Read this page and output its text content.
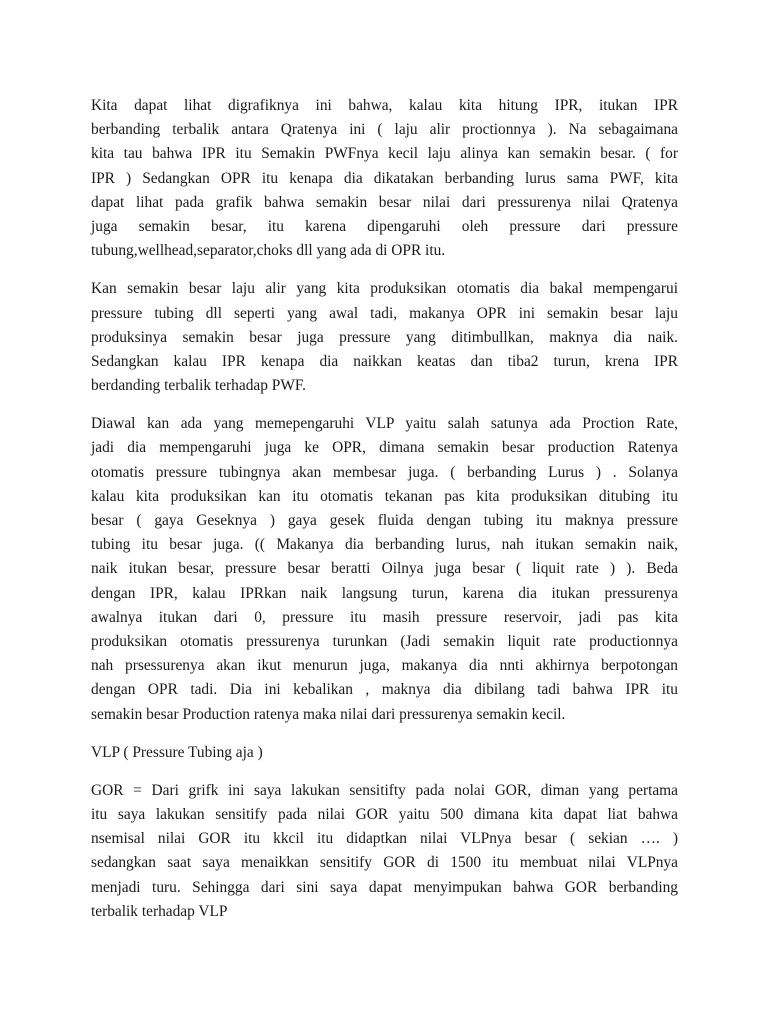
Kita dapat lihat digrafiknya ini bahwa, kalau kita hitung IPR, itukan IPR
berbanding terbalik antara Qratenya ini ( laju alir proctionnya ). Na sebagaimana
kita tau bahwa IPR itu Semakin PWFnya kecil laju alinya kan semakin besar. ( for
IPR ) Sedangkan OPR itu kenapa dia dikatakan berbanding lurus sama PWF, kita
dapat lihat pada grafik bahwa semakin besar nilai dari pressurenya nilai Qratenya
juga semakin besar, itu karena dipengaruhi oleh pressure dari pressure
tubung,wellhead,separator,choks dll yang ada di OPR itu.
Kan semakin besar laju alir yang kita produksikan otomatis dia bakal mempengarui
pressure tubing dll seperti yang awal tadi, makanya OPR ini semakin besar laju
produksinya semakin besar juga pressure yang ditimbullkan, maknya dia naik.
Sedangkan kalau IPR kenapa dia naikkan keatas dan tiba2 turun, krena IPR
berdanding terbalik terhadap PWF.
Diawal kan ada yang memepengaruhi VLP yaitu salah satunya ada Proction Rate,
jadi dia mempengaruhi juga ke OPR, dimana semakin besar production Ratenya
otomatis pressure tubingnya akan membesar juga. ( berbanding Lurus ) . Solanya
kalau kita produksikan kan itu otomatis tekanan pas kita produksikan ditubing itu
besar ( gaya Geseknya ) gaya gesek fluida dengan tubing itu maknya pressure
tubing itu besar juga. (( Makanya dia berbanding lurus, nah itukan semakin naik,
naik itukan besar, pressure besar beratti Oilnya juga besar ( liquit rate ) ). Beda
dengan IPR, kalau IPRkan naik langsung turun, karena dia itukan pressurenya
awalnya itukan dari 0, pressure itu masih pressure reservoir, jadi pas kita
produksikan otomatis pressurenya turunkan (Jadi semakin liquit rate productionnya
nah prsessurenya akan ikut menurun juga, makanya dia nnti akhirnya berpotongan
dengan OPR tadi. Dia ini kebalikan , maknya dia dibilang tadi bahwa IPR itu
semakin besar Production ratenya maka nilai dari pressurenya semakin kecil.
VLP ( Pressure Tubing aja )
GOR = Dari grifk ini saya lakukan sensitifty pada nolai GOR, diman yang pertama
itu saya lakukan sensitify pada nilai GOR yaitu 500 dimana kita dapat liat bahwa
nsemisal nilai GOR itu kkcil itu didaptkan nilai VLPnya besar ( sekian …. )
sedangkan saat saya menaikkan sensitify GOR di 1500 itu membuat nilai VLPnya
menjadi turu. Sehingga dari sini saya dapat menyimpukan bahwa GOR berbanding
terbalik terhadap VLP
